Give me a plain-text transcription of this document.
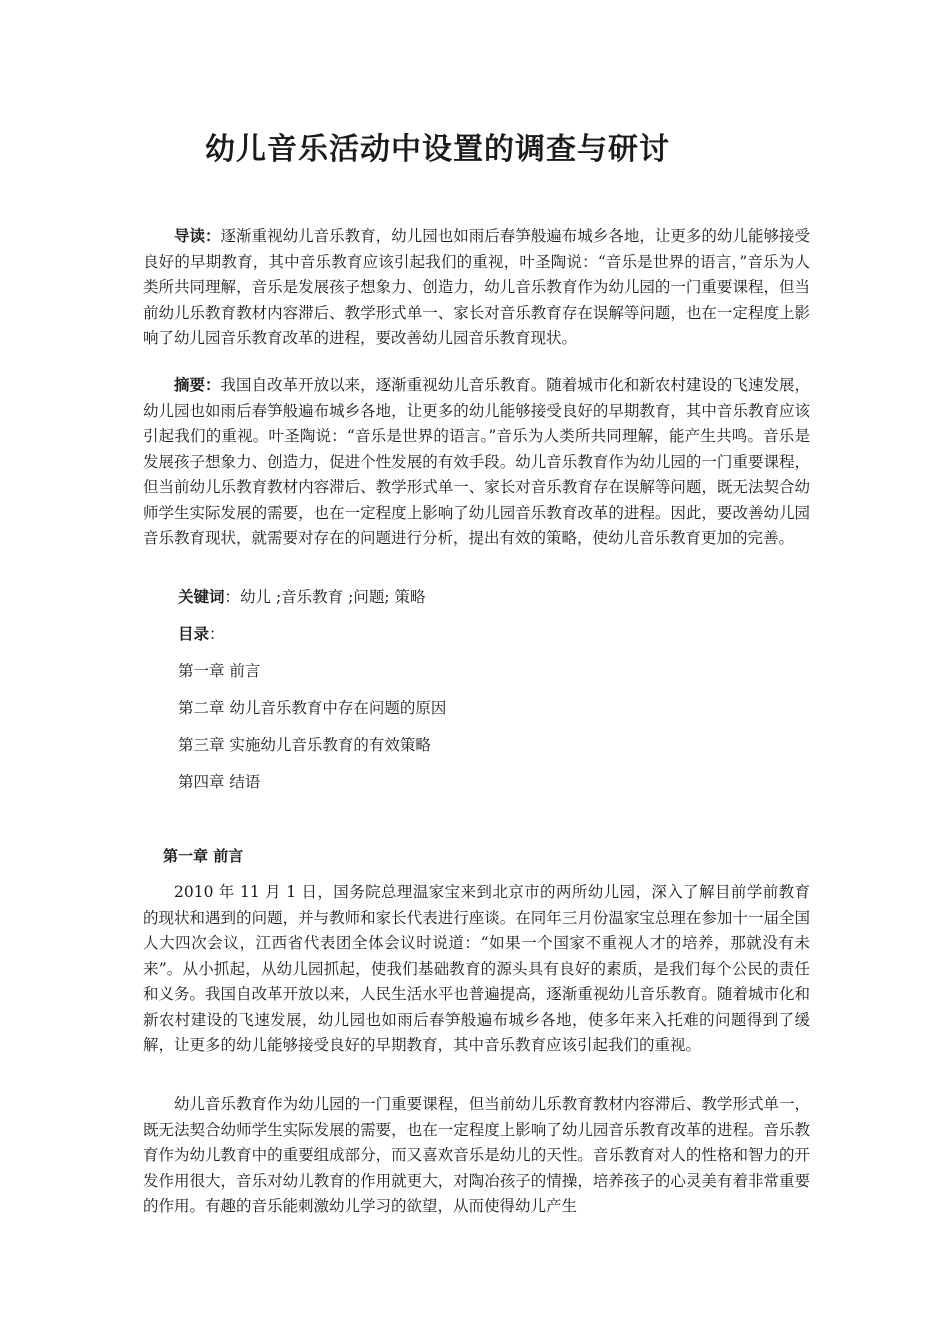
幼儿音乐活动中设置的调查与研讨
导读：逐渐重视幼儿音乐教育，幼儿园也如雨后春笋般遍布城乡各地，让更多的幼儿能够接受良好的早期教育，其中音乐教育应该引起我们的重视，叶圣陶说：“音乐是世界的语言，”音乐为人类所共同理解，音乐是发展孩子想象力、创造力，幼儿音乐教育作为幼儿园的一门重要课程，但当前幼儿乐教育教材内容滞后、教学形式单一、家长对音乐教育存在误解等问题，也在一定程度上影响了幼儿园音乐教育改革的进程，要改善幼儿园音乐教育现状。
摘要：我国自改革开放以来，逐渐重视幼儿音乐教育。随着城市化和新农村建设的飞速发展，幼儿园也如雨后春笋般遍布城乡各地，让更多的幼儿能够接受良好的早期教育，其中音乐教育应该引起我们的重视。叶圣陶说：“音乐是世界的语言。”音乐为人类所共同理解，能产生共鸣。音乐是发展孩子想象力、创造力，促进个性发展的有效手段。幼儿音乐教育作为幼儿园的一门重要课程，但当前幼儿乐教育教材内容滞后、教学形式单一、家长对音乐教育存在误解等问题，既无法契合幼师学生实际发展的需要，也在一定程度上影响了幼儿园音乐教育改革的进程。因此，要改善幼儿园音乐教育现状，就需要对存在的问题进行分析，提出有效的策略，使幼儿音乐教育更加的完善。
关键词：幼儿 ;音乐教育 ;问题; 策略
目录：
第一章 前言
第二章 幼儿音乐教育中存在问题的原因
第三章 实施幼儿音乐教育的有效策略
第四章 结语
第一章 前言
2010 年 11 月 1 日，国务院总理温家宝来到北京市的两所幼儿园，深入了解目前学前教育的现状和遇到的问题，并与教师和家长代表进行座谈。在同年三月份温家宝总理在参加十一届全国人大四次会议，江西省代表团全体会议时说道：“如果一个国家不重视人才的培养，那就没有未来”。从小抓起，从幼儿园抓起，使我们基础教育的源头具有良好的素质，是我们每个公民的责任和义务。我国自改革开放以来，人民生活水平也普遍提高，逐渐重视幼儿音乐教育。随着城市化和新农村建设的飞速发展，幼儿园也如雨后春笋般遍布城乡各地，使多年来入托难的问题得到了缓解，让更多的幼儿能够接受良好的早期教育，其中音乐教育应该引起我们的重视。
幼儿音乐教育作为幼儿园的一门重要课程，但当前幼儿乐教育教材内容滞后、教学形式单一，既无法契合幼师学生实际发展的需要，也在一定程度上影响了幼儿园音乐教育改革的进程。音乐教育作为幼儿教育中的重要组成部分，而又喜欢音乐是幼儿的天性。音乐教育对人的性格和智力的开发作用很大，音乐对幼儿教育的作用就更大，对陶冶孩子的情操，培养孩子的心灵美有着非常重要的作用。有趣的音乐能刺激幼儿学习的欲望，从而使得幼儿产生
